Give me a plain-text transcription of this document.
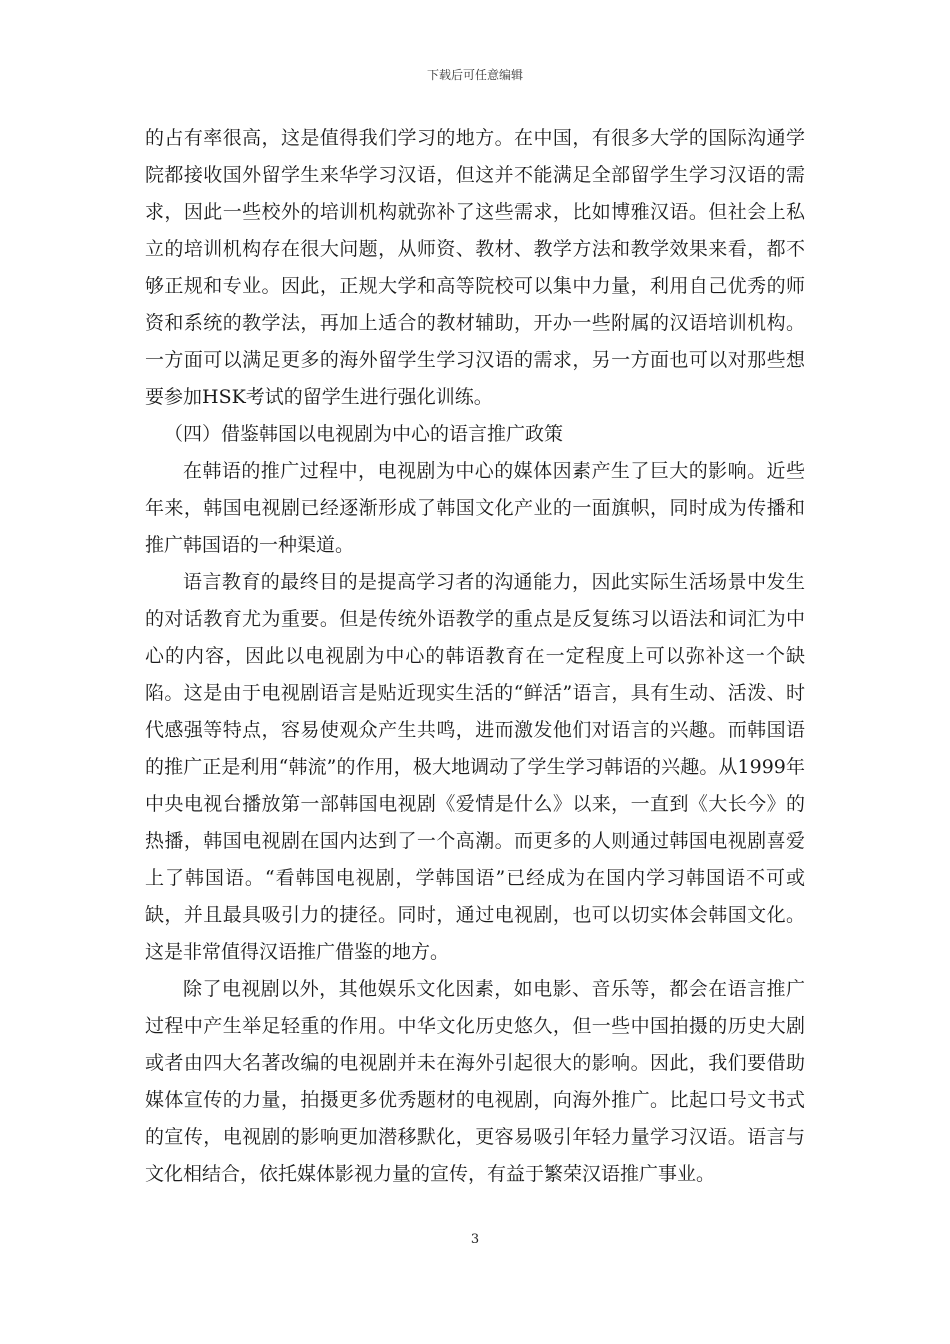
下载后可任意编辑

的占有率很高，这是值得我们学习的地方。在中国，有很多大学的国际沟通学院都接收国外留学生来华学习汉语，但这并不能满足全部留学生学习汉语的需求，因此一些校外的培训机构就弥补了这些需求，比如博雅汉语。但社会上私立的培训机构存在很大问题，从师资、教材、教学方法和教学效果来看，都不够正规和专业。因此，正规大学和高等院校可以集中力量，利用自己优秀的师资和系统的教学法，再加上适合的教材辅助，开办一些附属的汉语培训机构。一方面可以满足更多的海外留学生学习汉语的需求，另一方面也可以对那些想要参加HSK考试的留学生进行强化训练。

（四）借鉴韩国以电视剧为中心的语言推广政策

在韩语的推广过程中，电视剧为中心的媒体因素产生了巨大的影响。近些年来，韩国电视剧已经逐渐形成了韩国文化产业的一面旗帜，同时成为传播和推广韩国语的一种渠道。

语言教育的最终目的是提高学习者的沟通能力，因此实际生活场景中发生的对话教育尤为重要。但是传统外语教学的重点是反复练习以语法和词汇为中心的内容，因此以电视剧为中心的韩语教育在一定程度上可以弥补这一个缺陷。这是由于电视剧语言是贴近现实生活的“鲜活”语言，具有生动、活泼、时代感强等特点，容易使观众产生共鸣，进而激发他们对语言的兴趣。而韩国语的推广正是利用“韩流”的作用，极大地调动了学生学习韩语的兴趣。从1999年中央电视台播放第一部韩国电视剧《爱情是什么》以来，一直到《大长今》的热播，韩国电视剧在国内达到了一个高潮。而更多的人则通过韩国电视剧喜爱上了韩国语。“看韩国电视剧，学韩国语”已经成为在国内学习韩国语不可或缺，并且最具吸引力的捷径。同时，通过电视剧，也可以切实体会韩国文化。这是非常值得汉语推广借鉴的地方。

除了电视剧以外，其他娱乐文化因素，如电影、音乐等，都会在语言推广过程中产生举足轻重的作用。中华文化历史悠久，但一些中国拍摄的历史大剧或者由四大名著改编的电视剧并未在海外引起很大的影响。因此，我们要借助媒体宣传的力量，拍摄更多优秀题材的电视剧，向海外推广。比起口号文书式的宣传，电视剧的影响更加潜移默化，更容易吸引年轻力量学习汉语。语言与文化相结合，依托媒体影视力量的宣传，有益于繁荣汉语推广事业。

3
